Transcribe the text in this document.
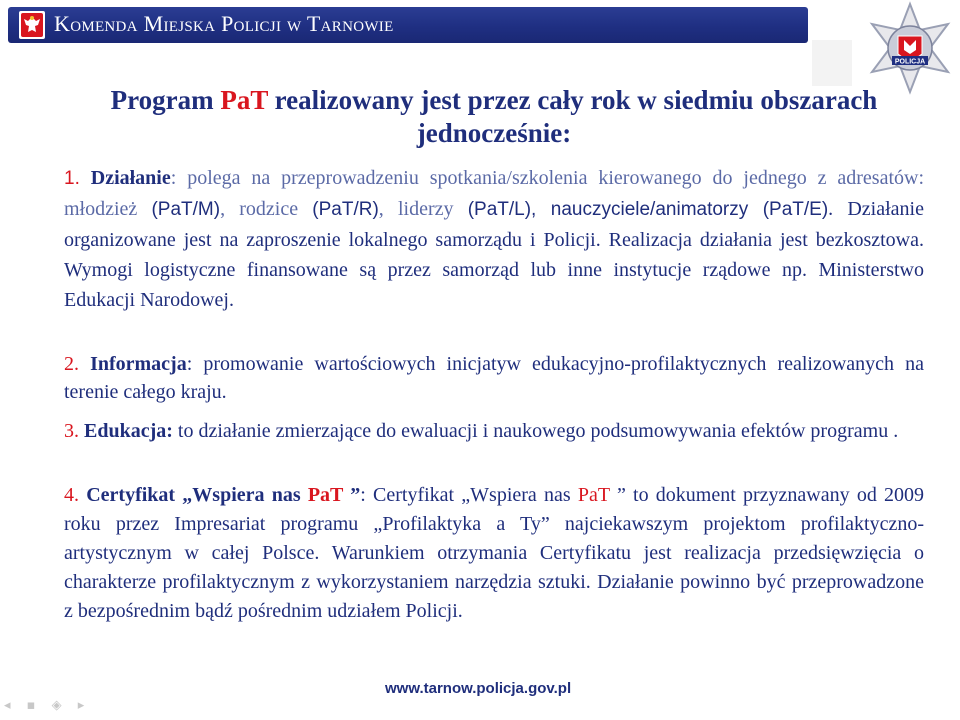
Komenda Miejska Policji w Tarnowie
POLICJA
Program PaT realizowany jest przez cały rok w siedmiu obszarach jednocześnie:
1. Działanie: polega na przeprowadzeniu spotkania/szkolenia kierowanego do jednego z adresatów: młodzież (PaT/M), rodzice (PaT/R), liderzy (PaT/L), nauczyciele/animatorzy (PaT/E). Działanie organizowane jest na zaproszenie lokalnego samorządu i Policji. Realizacja działania jest bezkosztowa. Wymogi logistyczne finansowane są przez samorząd lub inne instytucje rządowe np. Ministerstwo Edukacji Narodowej.
2. Informacja: promowanie wartościowych inicjatyw edukacyjno-profilaktycznych realizowanych na terenie całego kraju.
3. Edukacja: to działanie zmierzające do ewaluacji i naukowego podsumowywania efektów programu .
4. Certyfikat „Wspiera nas PaT ”: Certyfikat „Wspiera nas PaT ” to dokument przyznawany od 2009 roku przez Impresariat programu „Profilaktyka a Ty” najciekawszym projektom profilaktyczno-artystycznym w całej Polsce. Warunkiem otrzymania Certyfikatu jest realizacja przedsięwzięcia o charakterze profilaktycznym z wykorzystaniem narzędzia sztuki. Działanie powinno być przeprowadzone z bezpośrednim bądź pośrednim udziałem Policji.
www.tarnow.policja.gov.pl
◂ ▪ ◈ ▸
